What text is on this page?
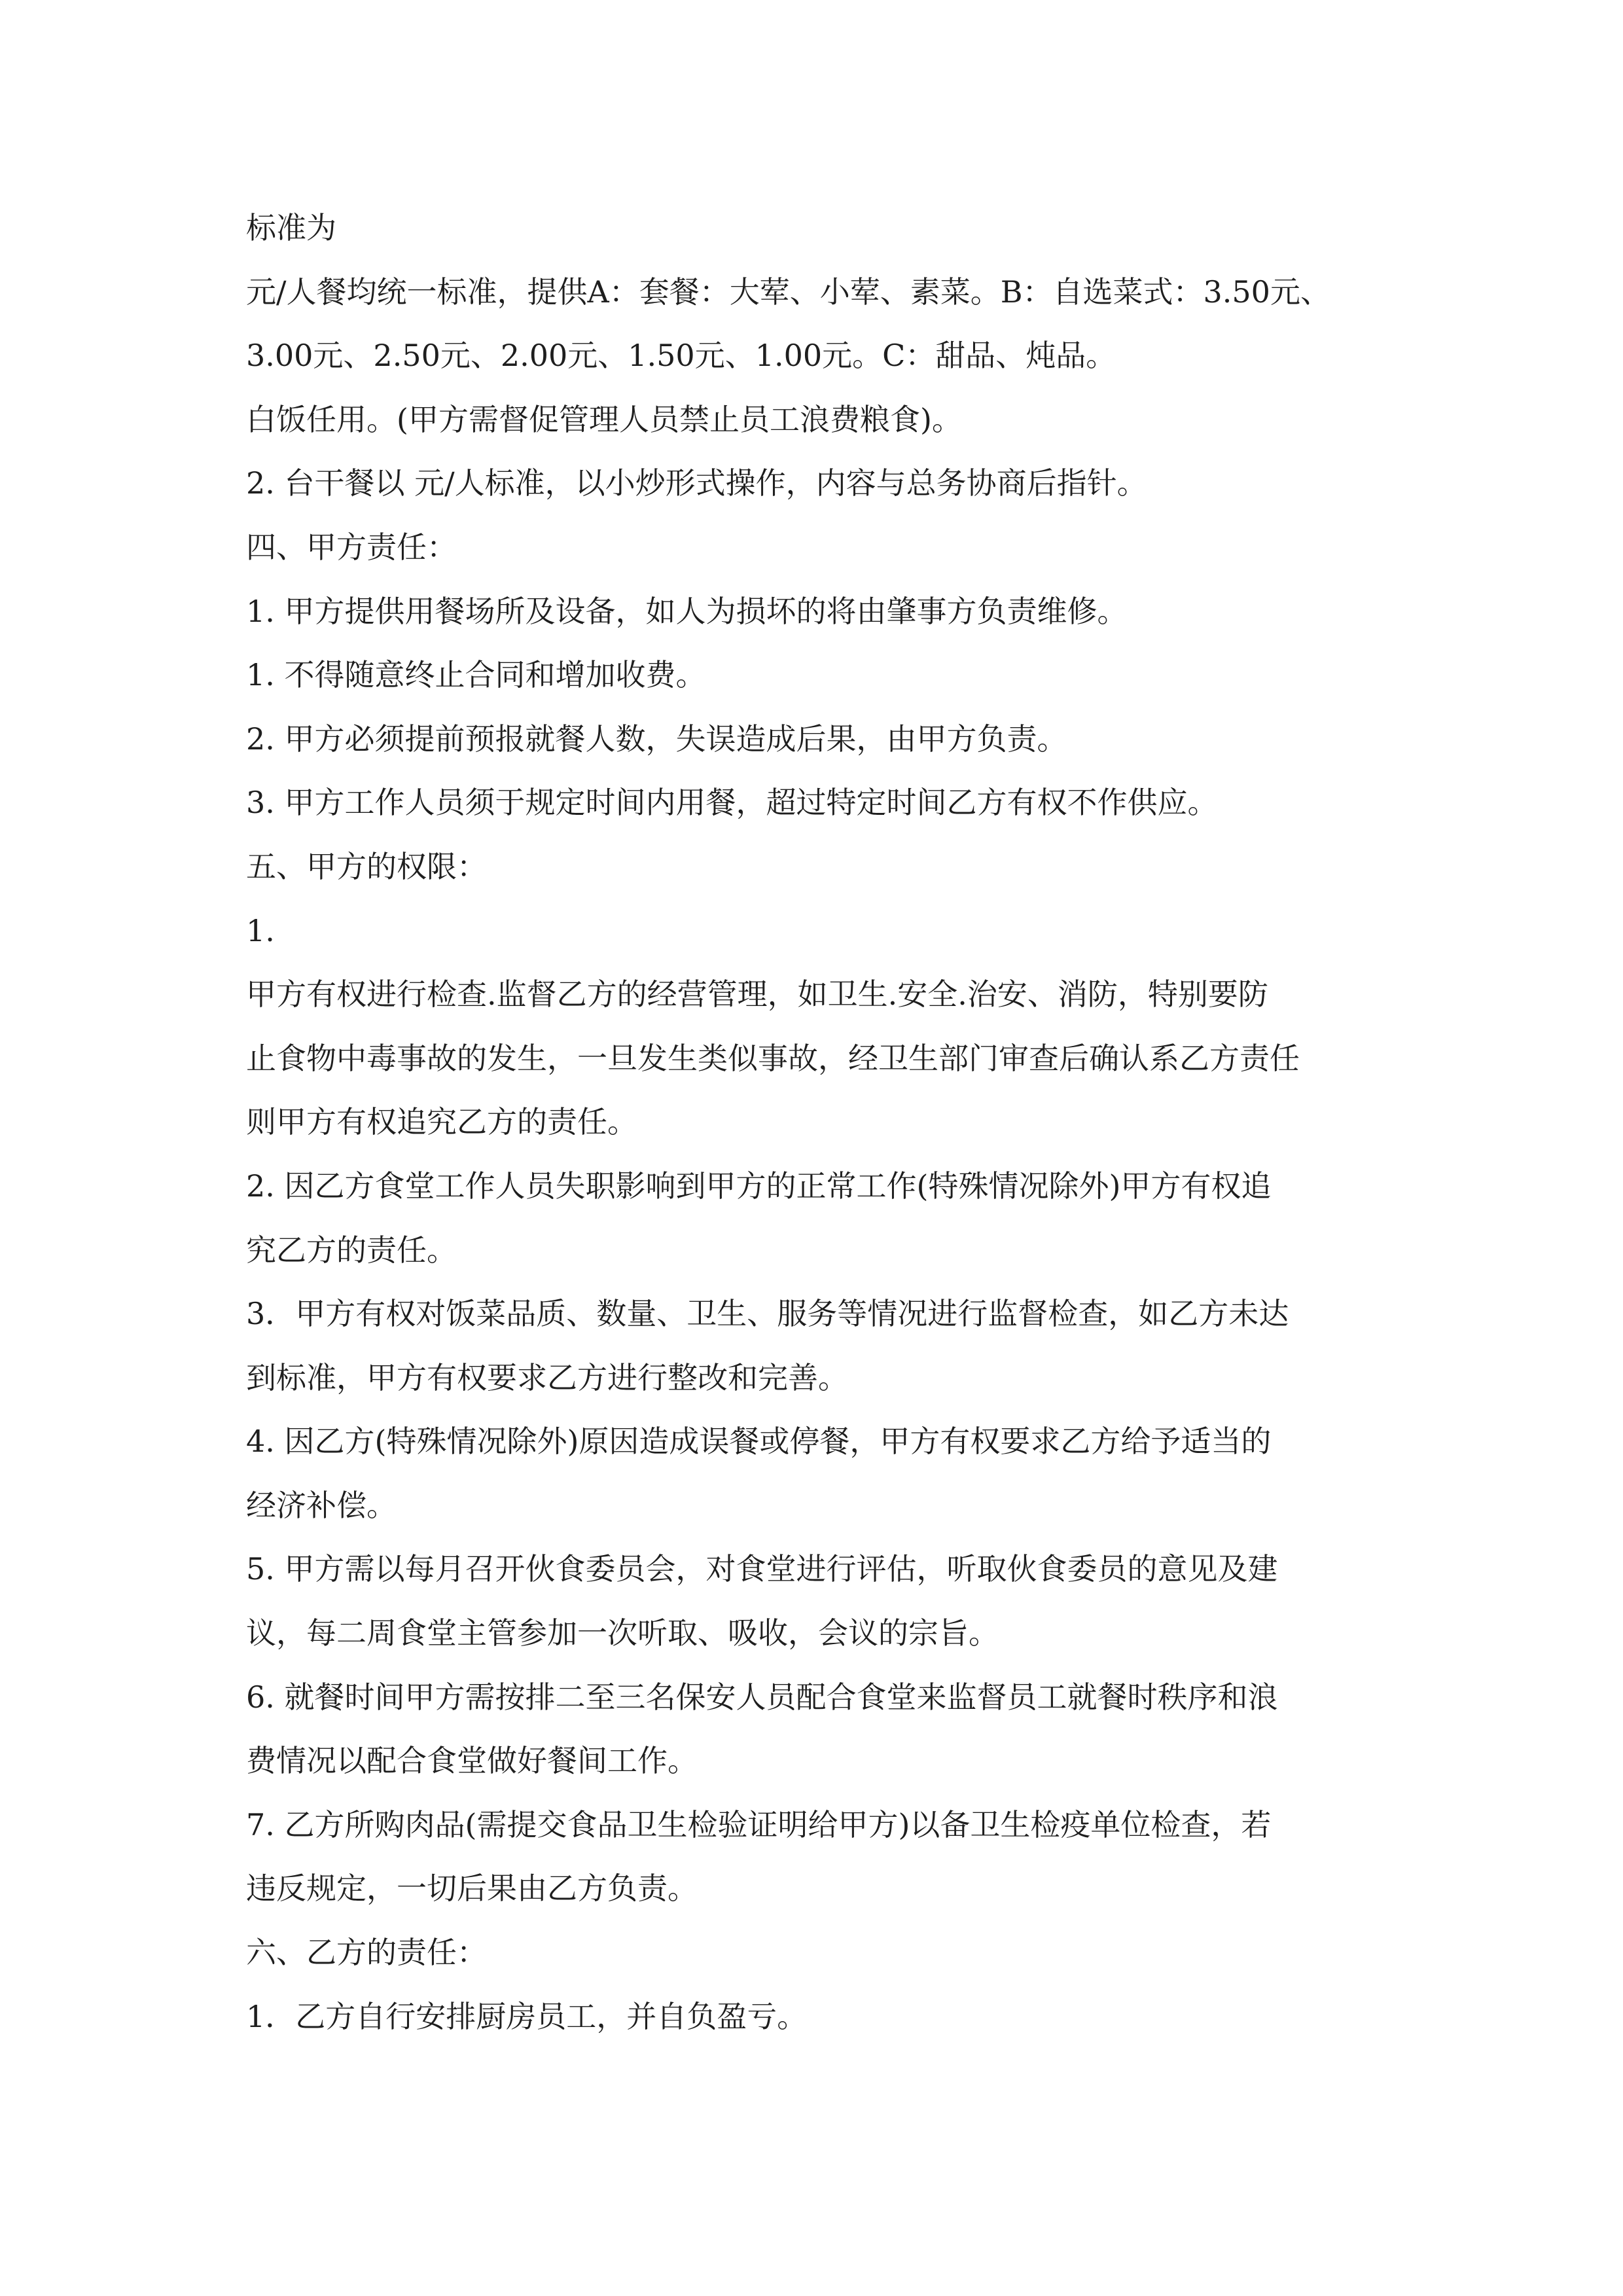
标准为
元/人餐均统一标准，提供A：套餐：大荤、小荤、素菜。B：自选菜式：3.50元、
3.00元、2.50元、2.00元、1.50元、1.00元。C：甜品、炖品。
白饭任用。(甲方需督促管理人员禁止员工浪费粮食)。
2. 台干餐以 元/人标准，以小炒形式操作，内容与总务协商后指针。
四、甲方责任：
1. 甲方提供用餐场所及设备，如人为损坏的将由肇事方负责维修。
1. 不得随意终止合同和增加收费。
2. 甲方必须提前预报就餐人数，失误造成后果，由甲方负责。
3. 甲方工作人员须于规定时间内用餐，超过特定时间乙方有权不作供应。
五、甲方的权限：
1.
甲方有权进行检查.监督乙方的经营管理，如卫生.安全.治安、消防，特别要防
止食物中毒事故的发生，一旦发生类似事故，经卫生部门审查后确认系乙方责任
则甲方有权追究乙方的责任。
2. 因乙方食堂工作人员失职影响到甲方的正常工作(特殊情况除外)甲方有权追
究乙方的责任。
3．甲方有权对饭菜品质、数量、卫生、服务等情况进行监督检查，如乙方未达
到标准，甲方有权要求乙方进行整改和完善。
4. 因乙方(特殊情况除外)原因造成误餐或停餐，甲方有权要求乙方给予适当的
经济补偿。
5. 甲方需以每月召开伙食委员会，对食堂进行评估，听取伙食委员的意见及建
议，每二周食堂主管参加一次听取、吸收，会议的宗旨。
6. 就餐时间甲方需按排二至三名保安人员配合食堂来监督员工就餐时秩序和浪
费情况以配合食堂做好餐间工作。
7. 乙方所购肉品(需提交食品卫生检验证明给甲方)以备卫生检疫单位检查，若
违反规定，一切后果由乙方负责。
六、乙方的责任：
1．乙方自行安排厨房员工，并自负盈亏。
